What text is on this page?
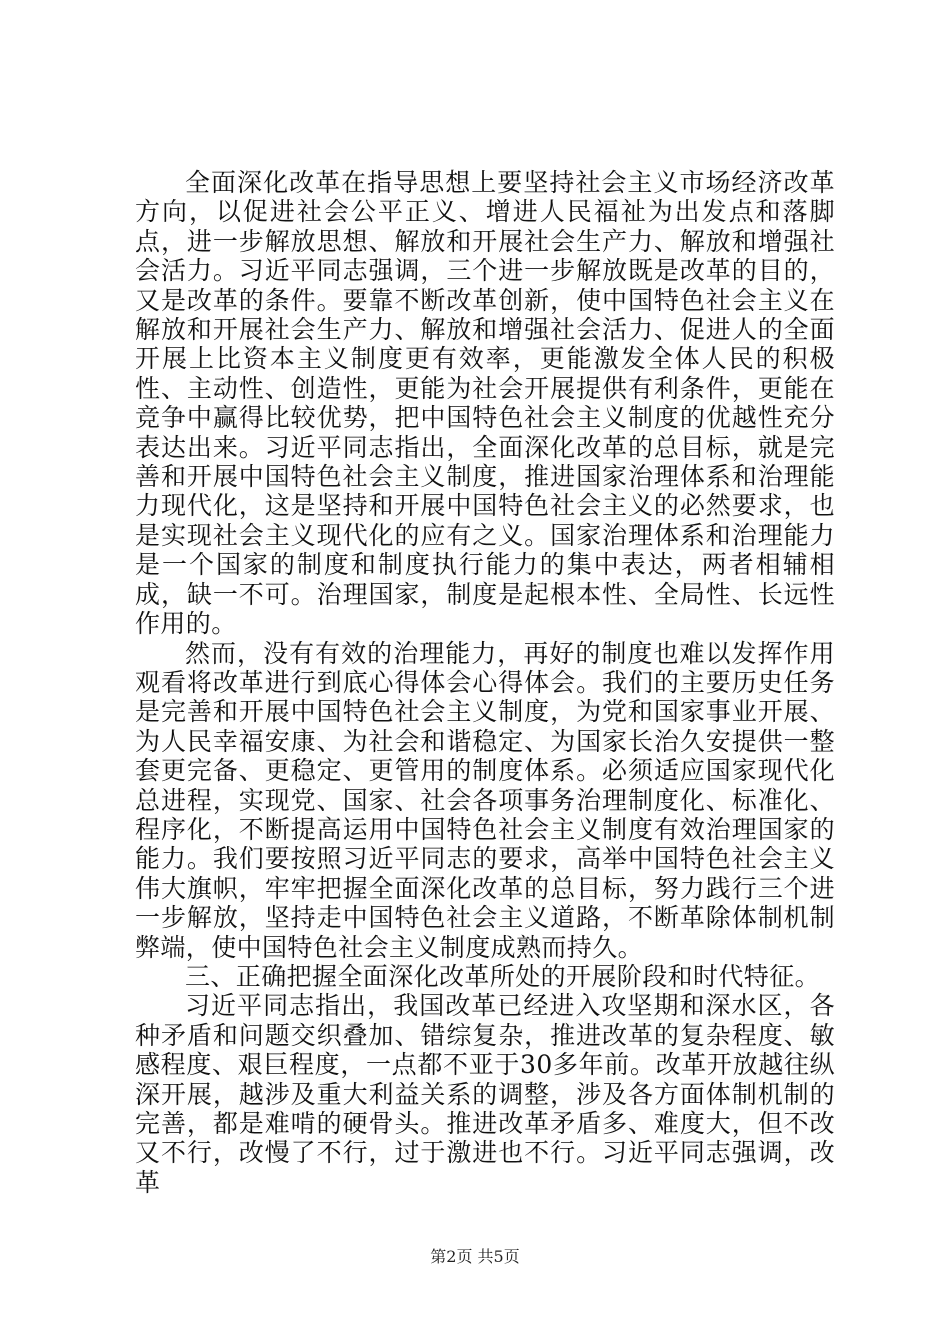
全面深化改革在指导思想上要坚持社会主义市场经济改革方向，以促进社会公平正义、增进人民福祉为出发点和落脚点，进一步解放思想、解放和开展社会生产力、解放和增强社会活力。习近平同志强调，三个进一步解放既是改革的目的，又是改革的条件。要靠不断改革创新，使中国特色社会主义在解放和开展社会生产力、解放和增强社会活力、促进人的全面开展上比资本主义制度更有效率，更能激发全体人民的积极性、主动性、创造性，更能为社会开展提供有利条件，更能在竞争中赢得比较优势，把中国特色社会主义制度的优越性充分表达出来。习近平同志指出，全面深化改革的总目标，就是完善和开展中国特色社会主义制度，推进国家治理体系和治理能力现代化，这是坚持和开展中国特色社会主义的必然要求，也是实现社会主义现代化的应有之义。国家治理体系和治理能力是一个国家的制度和制度执行能力的集中表达，两者相辅相成，缺一不可。治理国家，制度是起根本性、全局性、长远性作用的。

然而，没有有效的治理能力，再好的制度也难以发挥作用观看将改革进行到底心得体会心得体会。我们的主要历史任务是完善和开展中国特色社会主义制度，为党和国家事业开展、为人民幸福安康、为社会和谐稳定、为国家长治久安提供一整套更完备、更稳定、更管用的制度体系。必须适应国家现代化总进程，实现党、国家、社会各项事务治理制度化、标准化、程序化，不断提高运用中国特色社会主义制度有效治理国家的能力。我们要按照习近平同志的要求，高举中国特色社会主义伟大旗帜，牢牢把握全面深化改革的总目标，努力践行三个进一步解放，坚持走中国特色社会主义道路，不断革除体制机制弊端，使中国特色社会主义制度成熟而持久。

三、正确把握全面深化改革所处的开展阶段和时代特征。

习近平同志指出，我国改革已经进入攻坚期和深水区，各种矛盾和问题交织叠加、错综复杂，推进改革的复杂程度、敏感程度、艰巨程度，一点都不亚于30多年前。改革开放越往纵深开展，越涉及重大利益关系的调整，涉及各方面体制机制的完善，都是难啃的硬骨头。推进改革矛盾多、难度大，但不改又不行，改慢了不行，过于激进也不行。习近平同志强调，改革

第2页 共5页
